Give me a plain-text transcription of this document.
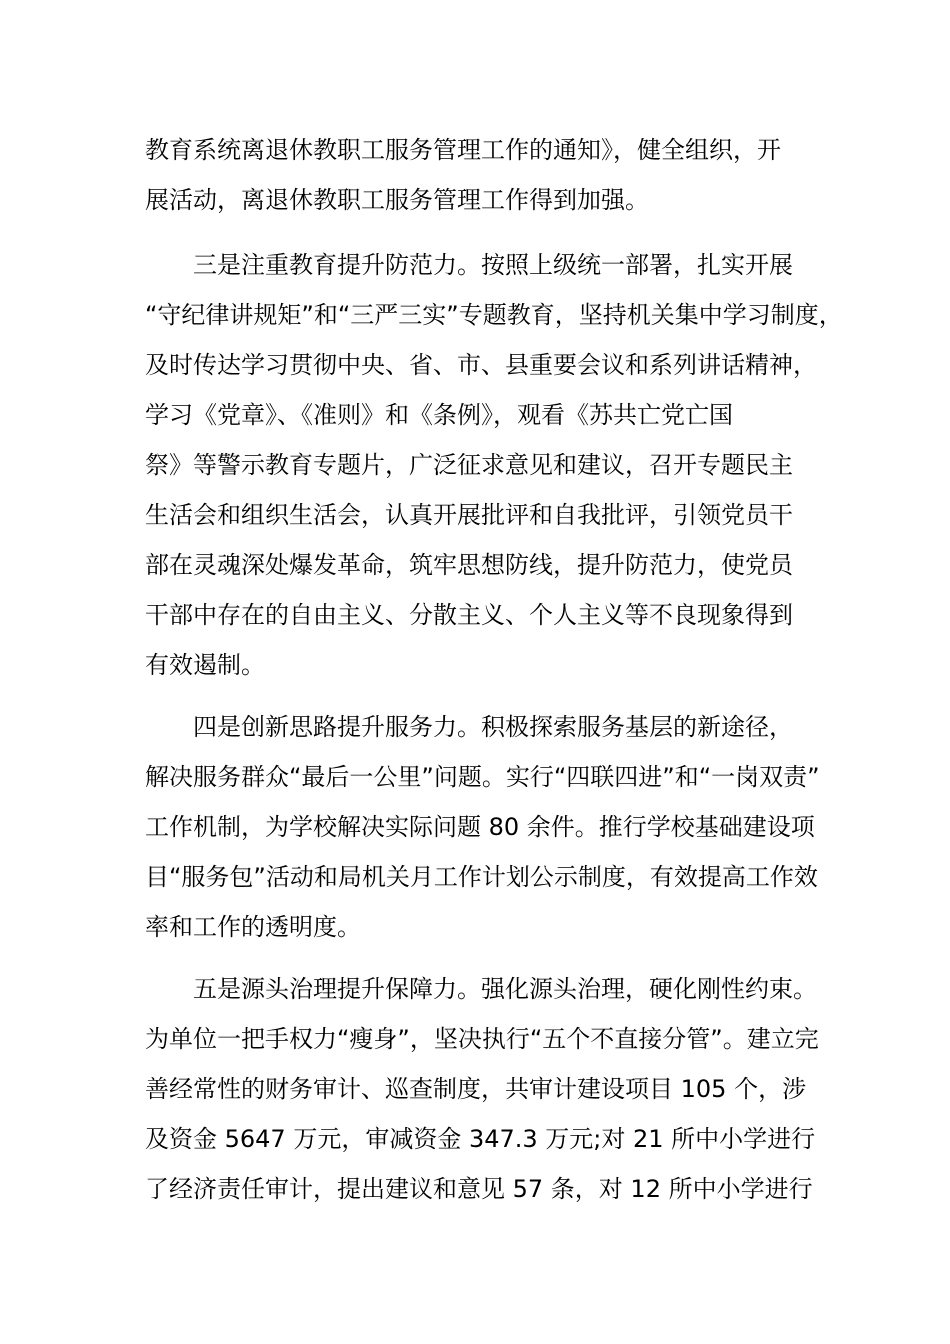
教育系统离退休教职工服务管理工作的通知》，健全组织，开
展活动，离退休教职工服务管理工作得到加强。
三是注重教育提升防范力。按照上级统一部署，扎实开展
“守纪律讲规矩”和“三严三实”专题教育，坚持机关集中学习制度，
及时传达学习贯彻中央、省、市、县重要会议和系列讲话精神，
学习《党章》、《准则》和《条例》，观看《苏共亡党亡国
祭》等警示教育专题片，广泛征求意见和建议，召开专题民主
生活会和组织生活会，认真开展批评和自我批评，引领党员干
部在灵魂深处爆发革命，筑牢思想防线，提升防范力，使党员
干部中存在的自由主义、分散主义、个人主义等不良现象得到
有效遏制。
四是创新思路提升服务力。积极探索服务基层的新途径，
解决服务群众“最后一公里”问题。实行“四联四进”和“一岗双责”
工作机制，为学校解决实际问题 80 余件。推行学校基础建设项
目“服务包”活动和局机关月工作计划公示制度，有效提高工作效
率和工作的透明度。
五是源头治理提升保障力。强化源头治理，硬化刚性约束。
为单位一把手权力“瘦身”，坚决执行“五个不直接分管”。建立完
善经常性的财务审计、巡查制度，共审计建设项目 105 个，涉
及资金 5647 万元，审减资金 347.3 万元;对 21 所中小学进行
了经济责任审计，提出建议和意见 57 条，对 12 所中小学进行
